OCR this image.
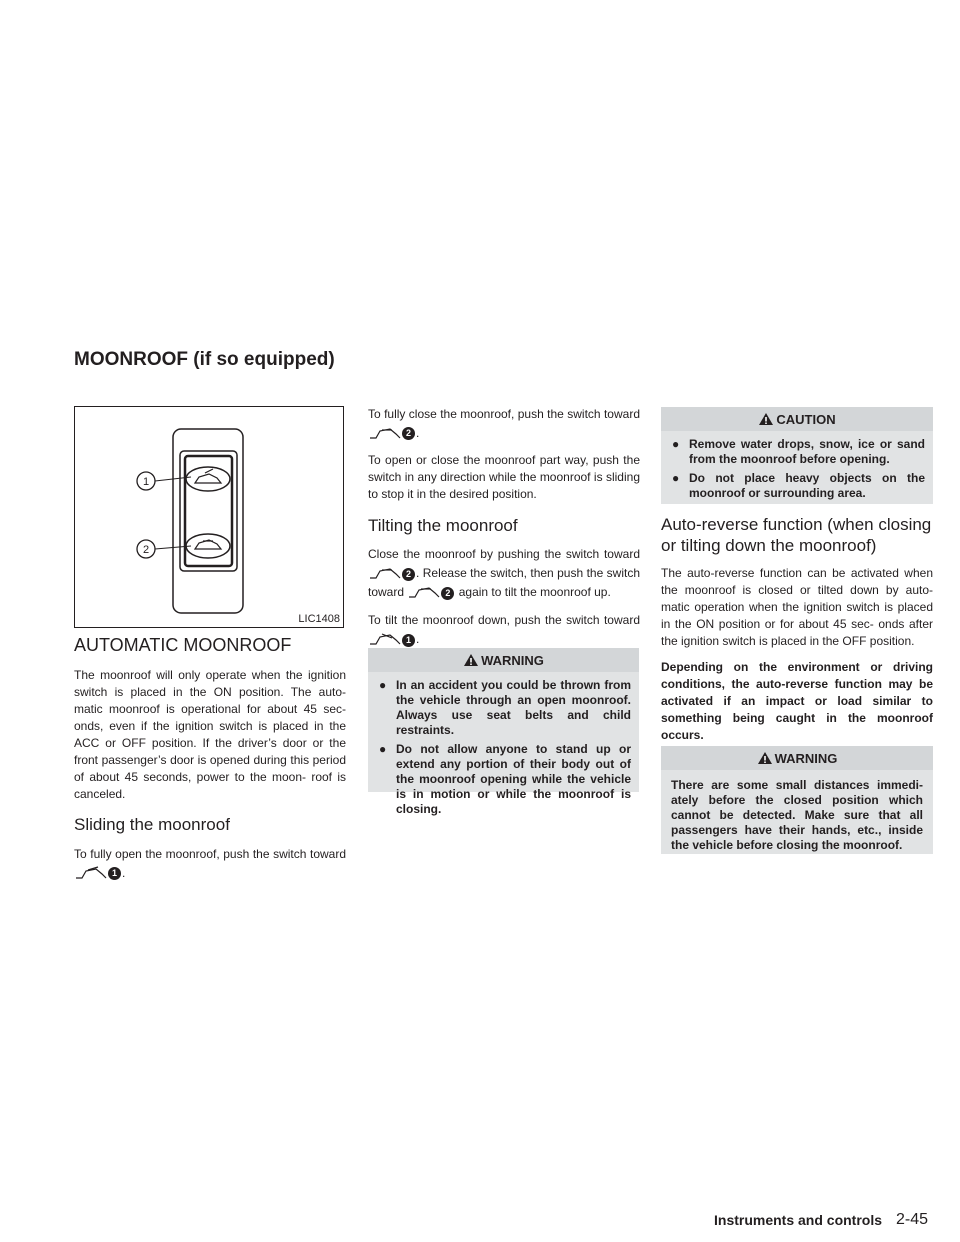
MOONROOF (if so equipped)
1
2
LIC1408
AUTOMATIC MOONROOF

The moonroof will only operate when the ignition switch is placed in the ON position. The auto- matic moonroof is operational for about 45 sec- onds, even if the ignition switch is placed in the ACC or OFF position. If the driver’s door or the front passenger’s door is opened during this period of about 45 seconds, power to the moon- roof is canceled.

Sliding the moonroof

To fully open the moonroof, push the switch toward 1 .

To fully close the moonroof, push the switch toward 2 .

To open or close the moonroof part way, push the switch in any direction while the moonroof is sliding to stop it in the desired position.

Tilting the moonroof

Close the moonroof by pushing the switch toward 2 . Release the switch, then push the switch toward	2 again to tilt the moonroof up.

To tilt the moonroof down, push the switch toward 1 .

WARNING
● In an accident you could be thrown from the vehicle through an open moonroof. Always use seat belts and child restraints.
● Do not allow anyone to stand up or extend any portion of their body out of the moonroof opening while the vehicle is in motion or while the moonroof is closing.
CAUTION
● Remove water drops, snow, ice or sand from the moonroof before opening.
● Do not place heavy objects on the moonroof or surrounding area.
Auto-reverse function (when closing or tilting down the moonroof)

The auto-reverse function can be activated when the moonroof is closed or tilted down by auto- matic operation when the ignition switch is placed in the ON position or for about 45 sec- onds after the ignition switch is placed in the OFF position.

Depending on the environment or driving conditions, the auto-reverse function may be activated if an impact or load similar to something being caught in the moonroof occurs.

WARNING
There are some small distances immedi- ately before the closed position which cannot be detected. Make sure that all passengers have their hands, etc., inside the vehicle before closing the moonroof.
Instruments and controls 2-45
